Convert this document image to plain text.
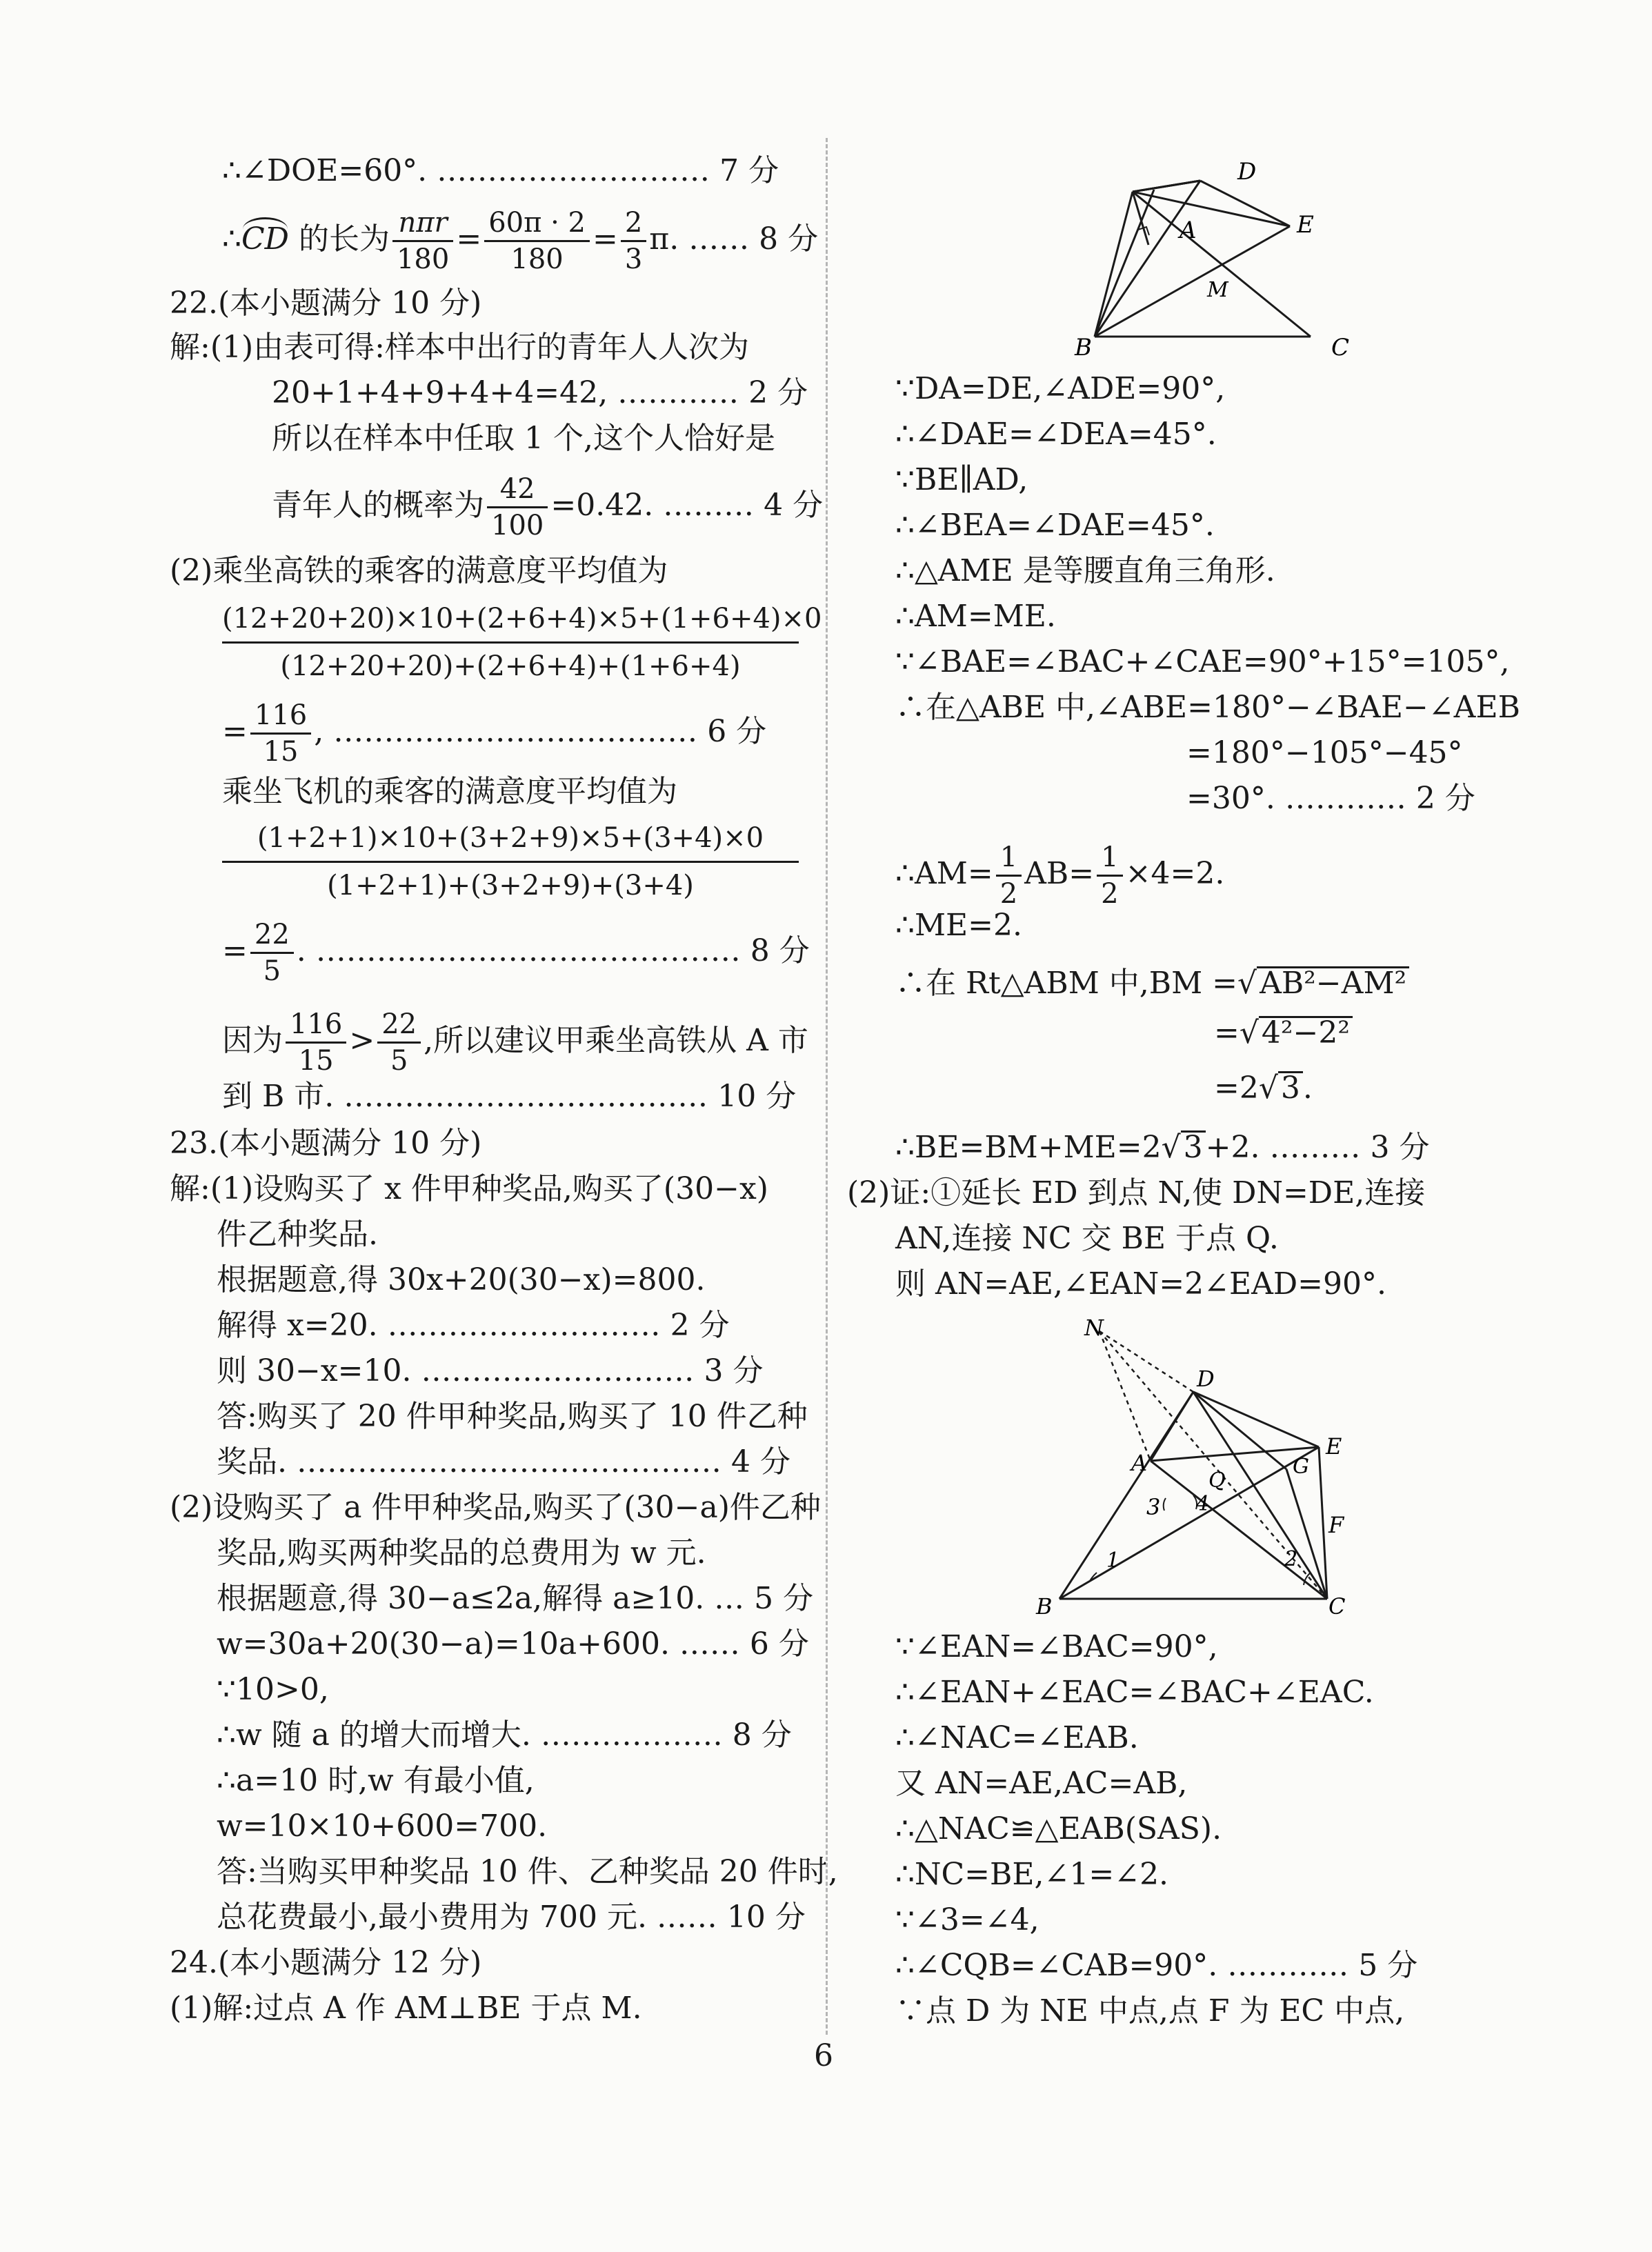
∴∠DOE=60°. ……………………… 7 分
∴CD 的长为 $\frac{\text{nπr}}{180} = \frac{60\pi \cdot 2}{180} = \frac{2}{3} \pi$. …… 8 分
22.(本小题满分 10 分)
解:(1)由表可得:样本中出行的青年人人次为
20+1+4+9+4+4=42, ………… 2 分
所以在样本中任取 1 个,这个人恰好是
青年人的概率为 $\frac{42}{100} =0.42$. ……… 4 分
(2)乘坐高铁的乘客的满意度平均值为
$\frac{(12+20+20)\times 10+(2+6+4)\times 5+(1+6+4)\times 0}{(12+20+20)+(2+6+4)+(1+6+4)}$
= $\frac{116}{15}$ , ……………………………… 6 分
乘坐飞机的乘客的满意度平均值为
$\frac{(1+2+1)\times 10+(3+2+9)\times 5+(3+4)\times 0}{(1+2+1)+(3+2+9)+(3+4)}$
= $\frac{22}{5}$ . …………………………………… 8 分
因为 $\frac{116}{15} > \frac{22}{5}$ ,所以建议甲乘坐高铁从 A 市
到 B 市. ……………………………… 10 分
23.(本小题满分 10 分)
解:(1)设购买了 x 件甲种奖品,购买了(30−x)
件乙种奖品.
根据题意,得 30x+20(30−x)=800.
解得 x=20. ……………………… 2 分
则 30−x=10. ……………………… 3 分
答:购买了 20 件甲种奖品,购买了 10 件乙种
奖品. …………………………………… 4 分
(2)设购买了 a 件甲种奖品,购买了(30−a)件乙种
奖品,购买两种奖品的总费用为 w 元.
根据题意,得 30−a≤2a,解得 a≥10. … 5 分
w=30a+20(30−a)=10a+600. …… 6 分
∵10>0,
∴w 随 a 的增大而增大. ……………… 8 分
∴a=10 时,w 有最小值,
w=10×10+600=700.
答:当购买甲种奖品 10 件、乙种奖品 20 件时,
总花费最小,最小费用为 700 元. …… 10 分
24.(本小题满分 12 分)
(1)解:过点 A 作 AM⊥BE 于点 M.
D
A	E
M
B	C
∵DA=DE,∠ADE=90°,
∴∠DAE=∠DEA=45°.
∵BE∥AD,
∴∠BEA=∠DAE=45°.
∴△AME 是等腰直角三角形.
∴AM=ME.
∵∠BAE=∠BAC+∠CAE=90°+15°=105°,
∴在△ABE 中,∠ABE=180°−∠BAE−∠AEB
=180°−105°−45°
=30°. ………… 2 分
∴AM= $\frac{1}{2} AB= \frac{1}{2} \times 4=2$.
∴ME=2.
∴在 Rt△ABM 中,BM =√AB²−AM²
=√4²−2²
=2√3.
∴BE=BM+ME=2√3+2. ……… 3 分
(2)证:①延长 ED 到点 N,使 DN=DE,连接
AN,连接 NC 交 BE 于点 Q.
则 AN=AE,∠EAN=2∠EAD=90°.
N
D
A
E
G
Q
3 4
F
2
1
B	C
∵∠EAN=∠BAC=90°,
∴∠EAN+∠EAC=∠BAC+∠EAC.
∴∠NAC=∠EAB.
又 AN=AE,AC=AB,
∴△NAC≌△EAB(SAS).
∴NC=BE,∠1=∠2.
∵∠3=∠4,
∴∠CQB=∠CAB=90°. ………… 5 分
∵点 D 为 NE 中点,点 F 为 EC 中点,
6
